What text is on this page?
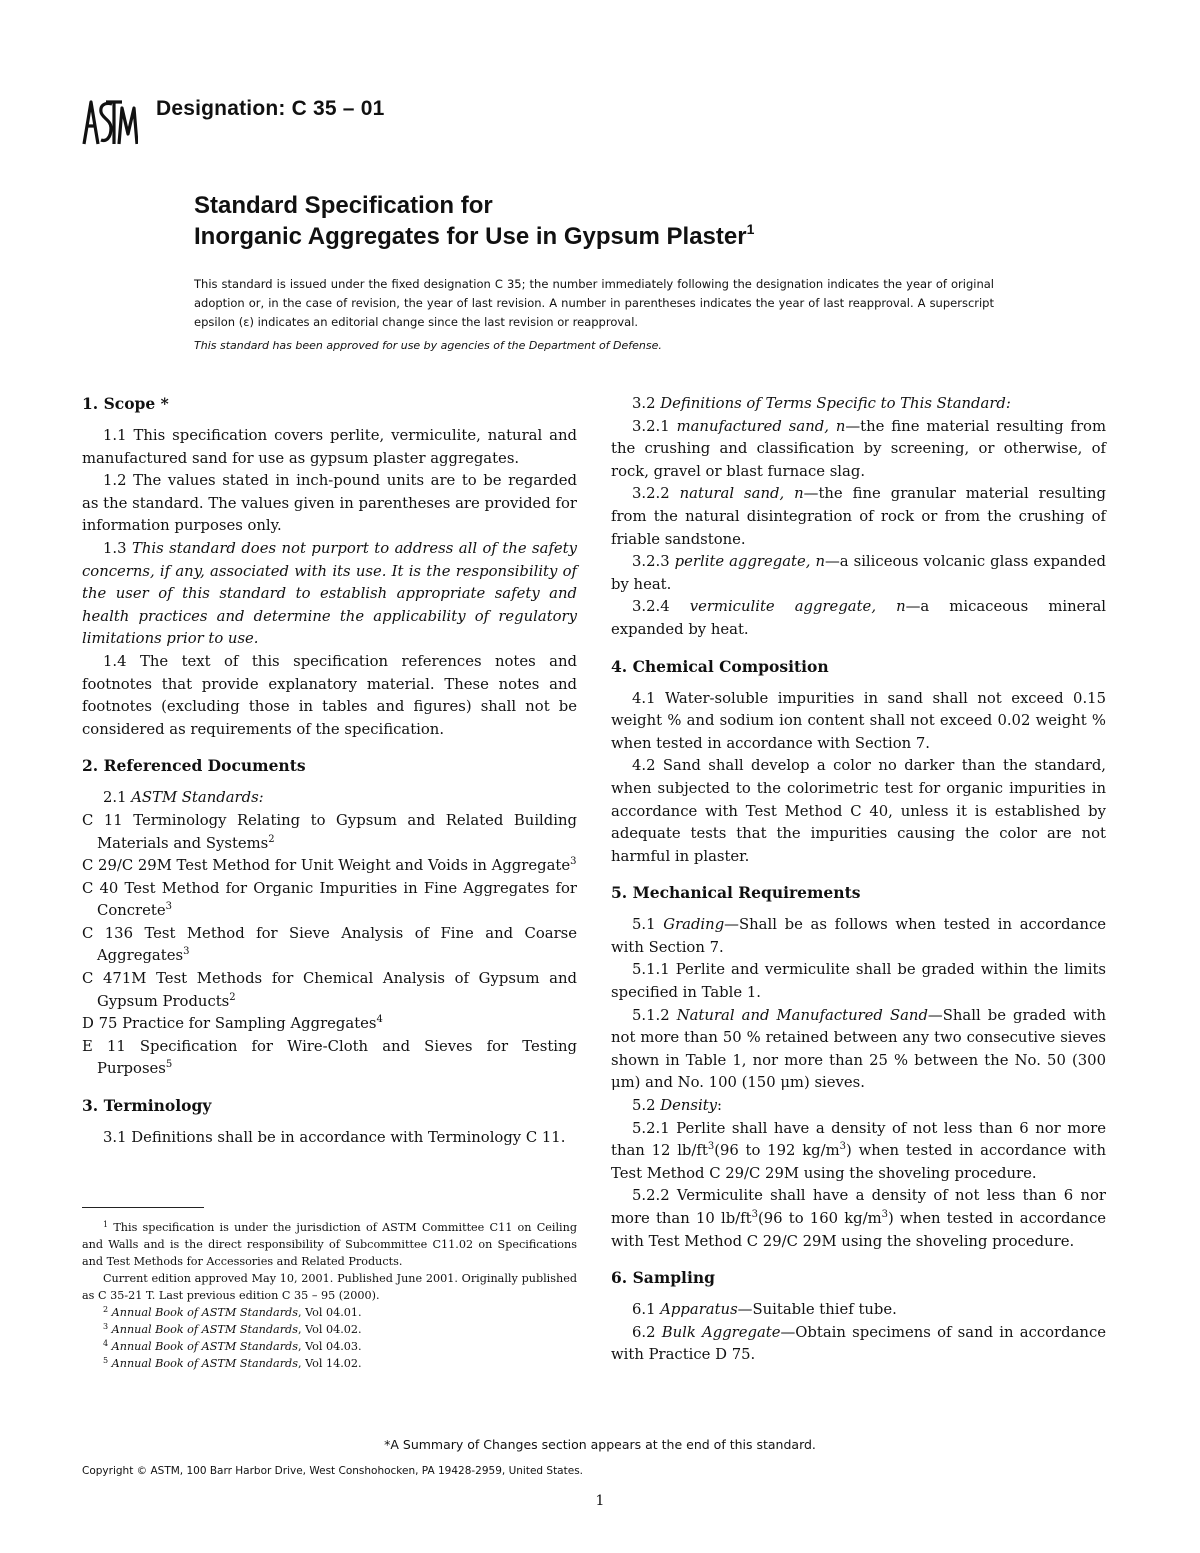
Designation: C 35 – 01
Standard Specification for
Inorganic Aggregates for Use in Gypsum Plaster$^1$
This standard is issued under the fixed designation C 35; the number immediately following the designation indicates the year of original adoption or, in the case of revision, the year of last revision. A number in parentheses indicates the year of last reapproval. A superscript epsilon (ε) indicates an editorial change since the last revision or reapproval.
This standard has been approved for use by agencies of the Department of Defense.
1. Scope *

1.1 This specification covers perlite, vermiculite, natural and manufactured sand for use as gypsum plaster aggregates.

1.2 The values stated in inch-pound units are to be regarded as the standard. The values given in parentheses are provided for information purposes only.

1.3 This standard does not purport to address all of the safety concerns, if any, associated with its use. It is the responsibility of the user of this standard to establish appropriate safety and health practices and determine the applicability of regulatory limitations prior to use.

1.4 The text of this specification references notes and footnotes that provide explanatory material. These notes and footnotes (excluding those in tables and figures) shall not be considered as requirements of the specification.

2. Referenced Documents

2.1 ASTM Standards:

C 11 Terminology Relating to Gypsum and Related Building Materials and Systems$^2$
C 29/C 29M Test Method for Unit Weight and Voids in Aggregate$^3$
C 40 Test Method for Organic Impurities in Fine Aggregates for Concrete$^3$
C 136 Test Method for Sieve Analysis of Fine and Coarse Aggregates$^3$
C 471M Test Methods for Chemical Analysis of Gypsum and Gypsum Products$^2$
D 75 Practice for Sampling Aggregates$^4$
E 11 Specification for Wire-Cloth and Sieves for Testing Purposes$^5$
3. Terminology

3.1 Definitions shall be in accordance with Terminology C 11.

$^1$ This specification is under the jurisdiction of ASTM Committee C11 on Ceiling and Walls and is the direct responsibility of Subcommittee C11.02 on Specifications and Test Methods for Accessories and Related Products.

Current edition approved May 10, 2001. Published June 2001. Originally published as C 35-21 T. Last previous edition C 35 – 95 (2000).

$^2$ Annual Book of ASTM Standards, Vol 04.01.

$^3$ Annual Book of ASTM Standards, Vol 04.02.

$^4$ Annual Book of ASTM Standards, Vol 04.03.

$^5$ Annual Book of ASTM Standards, Vol 14.02.

3.2 Definitions of Terms Specific to This Standard:

3.2.1 manufactured sand, n—the fine material resulting from the crushing and classification by screening, or otherwise, of rock, gravel or blast furnace slag.

3.2.2 natural sand, n—the fine granular material resulting from the natural disintegration of rock or from the crushing of friable sandstone.

3.2.3 perlite aggregate, n—a siliceous volcanic glass expanded by heat.

3.2.4 vermiculite aggregate, n—a micaceous mineral expanded by heat.

4. Chemical Composition

4.1 Water-soluble impurities in sand shall not exceed 0.15 weight % and sodium ion content shall not exceed 0.02 weight % when tested in accordance with Section 7.

4.2 Sand shall develop a color no darker than the standard, when subjected to the colorimetric test for organic impurities in accordance with Test Method C 40, unless it is established by adequate tests that the impurities causing the color are not harmful in plaster.

5. Mechanical Requirements

5.1 Grading—Shall be as follows when tested in accordance with Section 7.

5.1.1 Perlite and vermiculite shall be graded within the limits specified in Table 1.

5.1.2 Natural and Manufactured Sand—Shall be graded with not more than 50 % retained between any two consecutive sieves shown in Table 1, nor more than 25 % between the No. 50 (300 μm) and No. 100 (150 μm) sieves.

5.2 Density:

5.2.1 Perlite shall have a density of not less than 6 nor more than 12 $lb/ft^3(96$ to 192 $kg/m^3$) when tested in accordance with Test Method C 29/C 29M using the shoveling procedure.

5.2.2 Vermiculite shall have a density of not less than 6 nor more than 10 $lb/ft^3(96$ to 160 $kg/m^3$) when tested in accordance with Test Method C 29/C 29M using the shoveling procedure.

6. Sampling

6.1 Apparatus—Suitable thief tube.

6.2 Bulk Aggregate—Obtain specimens of sand in accordance with Practice D 75.

*A Summary of Changes section appears at the end of this standard.
Copyright © ASTM, 100 Barr Harbor Drive, West Conshohocken, PA 19428-2959, United States.
1
